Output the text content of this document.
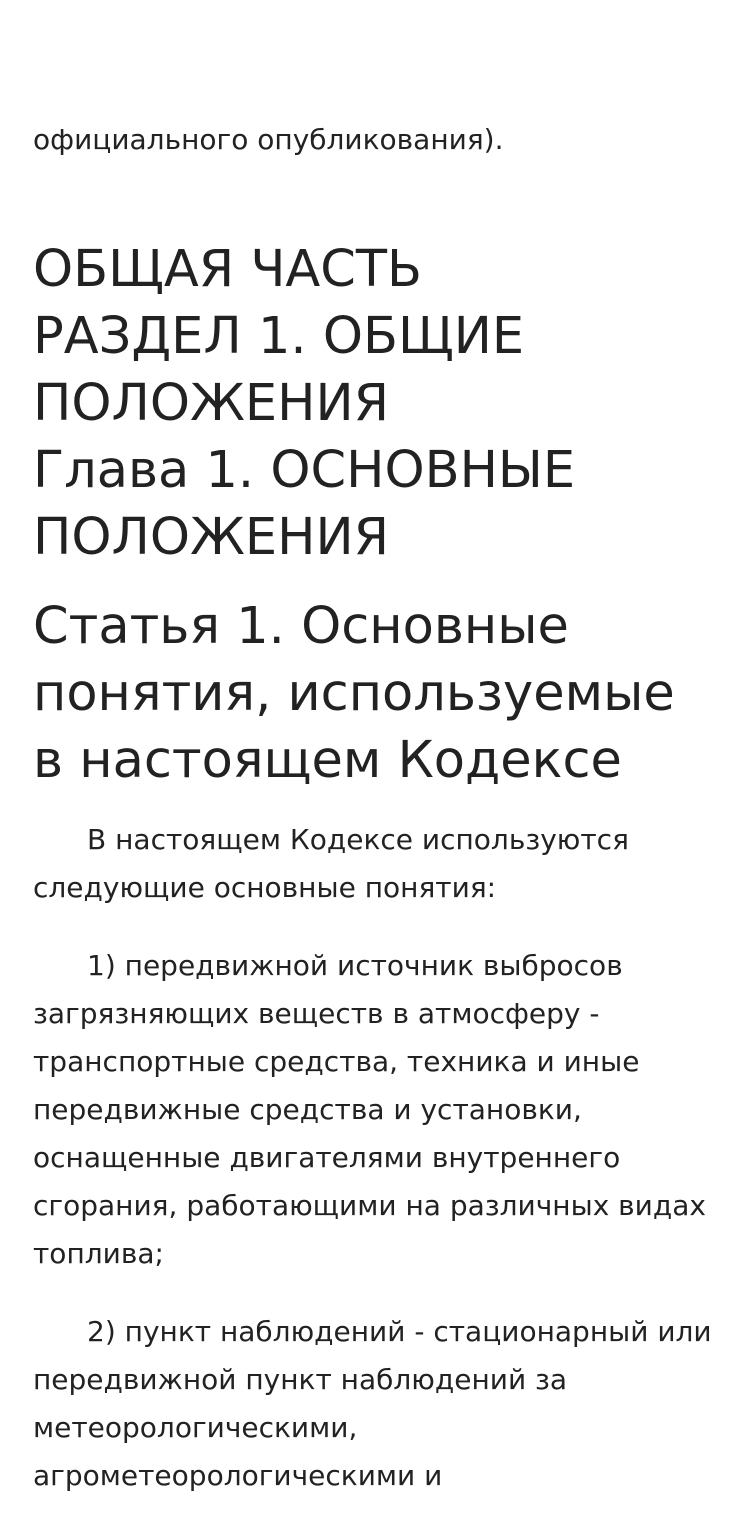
официального опубликования).

ОБЩАЯ ЧАСТЬ
РАЗДЕЛ 1. ОБЩИЕ ПОЛОЖЕНИЯ
Глава 1. ОСНОВНЫЕ ПОЛОЖЕНИЯ
Статья 1. Основные понятия, используемые в настоящем Кодексе

В настоящем Кодексе используются следующие основные понятия:

1) передвижной источник выбросов загрязняющих веществ в атмосферу - транспортные средства, техника и иные передвижные средства и установки, оснащенные двигателями внутреннего сгорания, работающими на различных видах топлива;

2) пункт наблюдений - стационарный или передвижной пункт наблюдений за метеорологическими, агрометеорологическими и
